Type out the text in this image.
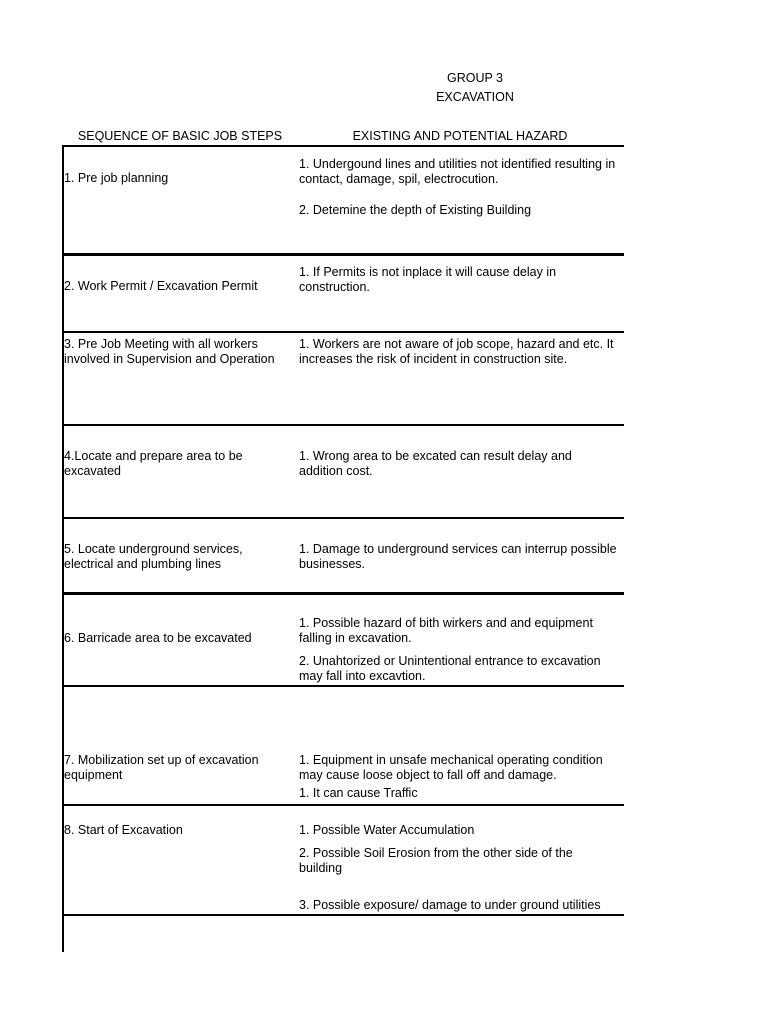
GROUP 3
EXCAVATION
SEQUENCE OF BASIC JOB STEPS	EXISTING AND POTENTIAL HAZARD
1. Pre job planning
1. Undergound lines and utilities not identified resulting in contact, damage, spil, electrocution.
2. Detemine the depth of Existing Building
2. Work Permit / Excavation Permit
1. If Permits is not inplace it will cause delay in construction.
3. Pre Job Meeting with all workers involved in Supervision and Operation
1. Workers are not aware of job scope, hazard and etc. It increases the risk of incident in construction site.
4.Locate and prepare area to be excavated
1. Wrong area to be excated can result delay and addition cost.
5. Locate underground services, electrical and plumbing lines
1. Damage to underground services can interrup possible businesses.
6. Barricade area to be excavated
1. Possible hazard of bith wirkers and and equipment falling in excavation.
2. Unahtorized or Unintentional entrance to excavation may fall into excavtion.
7. Mobilization set up of excavation equipment
1. Equipment in unsafe mechanical operating condition may cause loose object to fall off and damage.
1. It can cause Traffic
8. Start of Excavation	1. Possible Water Accumulation
2. Possible Soil Erosion from the other side of the building
3. Possible exposure/ damage to under ground utilities
